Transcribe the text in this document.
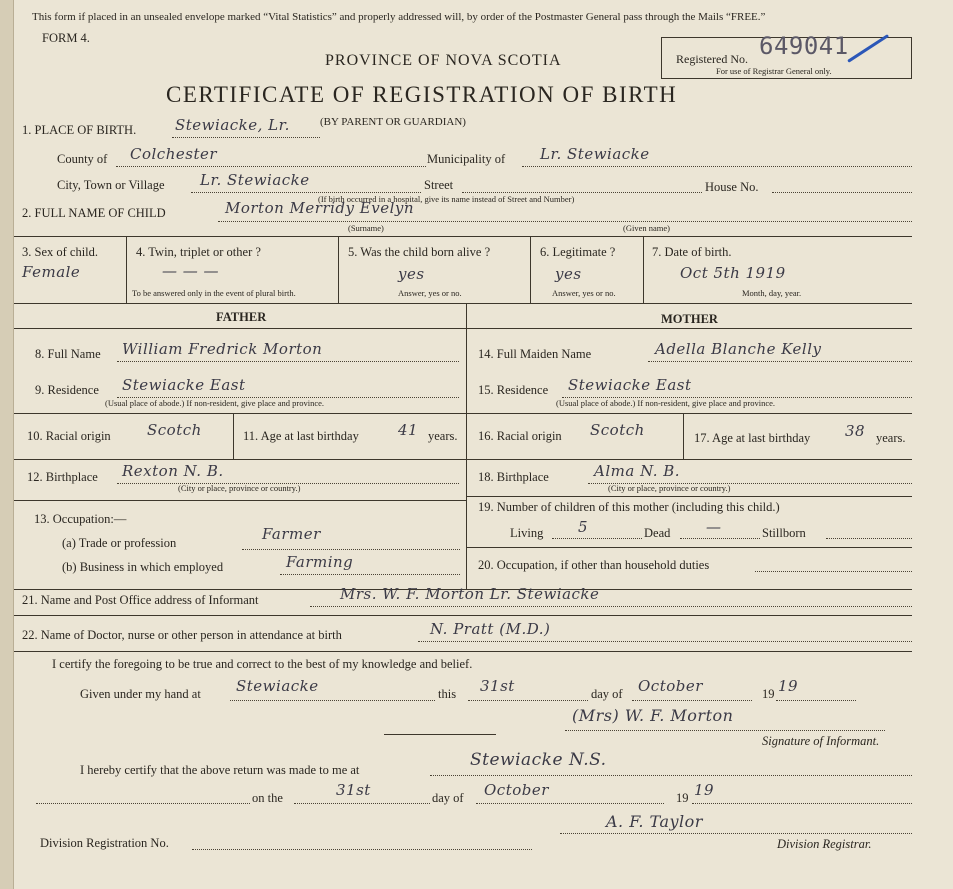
This form if placed in an unsealed envelope marked “Vital Statistics” and properly addressed will, by order of the Postmaster General pass through the Mails “FREE.”
FORM 4.
PROVINCE OF NOVA SCOTIA
CERTIFICATE OF REGISTRATION OF BIRTH
Registered No. 649041
For use of Registrar General only.
1. PLACE OF BIRTH.	Stewiacke, Lr.	(BY PARENT OR GUARDIAN)
County of Colchester	Municipality of Lr. Stewiacke
City, Town or Village Lr. Stewiacke	Street	House No.
(If birth occurred in a hospital, give its name instead of Street and Number)
2. FULL NAME OF CHILD	Morton Merridy Evelyn
(Surname)	(Given name)
3. Sex of child.
Female
4. Twin, triplet or other ?
— — —
To be answered only in the event of plural birth.
5. Was the child born alive ?
yes
Answer, yes or no.
6. Legitimate ?
yes
Answer, yes or no.
7. Date of birth.
Oct 5th 1919
Month, day, year.
FATHER	MOTHER
8. Full Name William Fredrick Morton
9. Residence Stewiacke East
(Usual place of abode.) If non-resident, give place and province.
10. Racial origin Scotch	11. Age at last birthday	41 years.
12. Birthplace Rexton N. B.
(City or place, province or country.)
13. Occupation:—
(a) Trade or profession	Farmer
(b) Business in which employed	Farming
14. Full Maiden Name	Adella Blanche Kelly
15. Residence Stewiacke East
(Usual place of abode.) If non-resident, give place and province.
16. Racial origin Scotch	17. Age at last birthday 38 years.
18. Birthplace	Alma N. B.
(City or place, province or country.)
19. Number of children of this mother (including this child.)
Living 5	Dead —	Stillborn
20. Occupation, if other than household duties
21. Name and Post Office address of Informant	Mrs. W. F. Morton Lr. Stewiacke
22. Name of Doctor, nurse or other person in attendance at birth	N. Pratt (M.D.)
I certify the foregoing to be true and correct to the best of my knowledge and belief.
Given under my hand at Stewiacke	this 31st	day of October	19 19
(Mrs) W. F. Morton
Signature of Informant.
I hereby certify that the above return was made to me at	Stewiacke N.S.
on the	31st	day of October	19 19
A. F. Taylor
Division Registration No.	Division Registrar.
